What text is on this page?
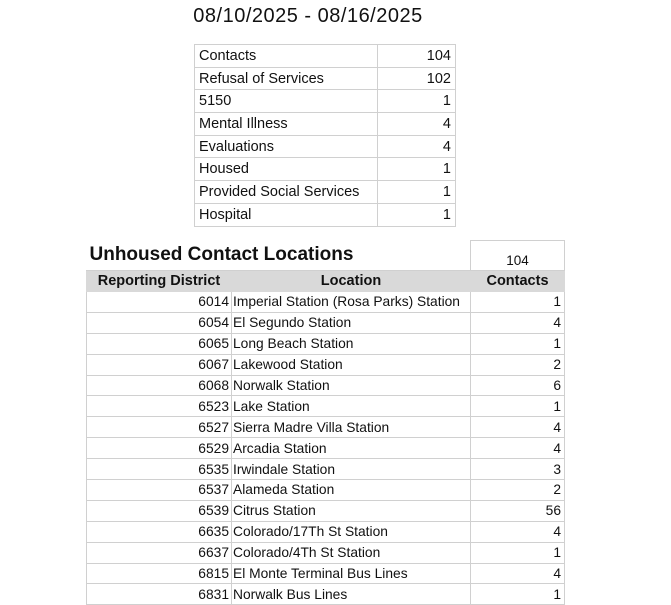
08/10/2025 - 08/16/2025
Contacts	104
Refusal of Services	102
5150	1
Mental Illness	4
Evaluations	4
Housed	1
Provided Social Services	1
Hospital	1
Unhoused Contact Locations		104
Reporting District	Location	Contacts
6014	Imperial Station (Rosa Parks) Station	1
6054	El Segundo Station	4
6065	Long Beach Station	1
6067	Lakewood Station	2
6068	Norwalk Station	6
6523	Lake Station	1
6527	Sierra Madre Villa Station	4
6529	Arcadia Station	4
6535	Irwindale Station	3
6537	Alameda Station	2
6539	Citrus Station	56
6635	Colorado/17Th St Station	4
6637	Colorado/4Th St Station	1
6815	El Monte Terminal Bus Lines	4
6831	Norwalk Bus Lines	1
